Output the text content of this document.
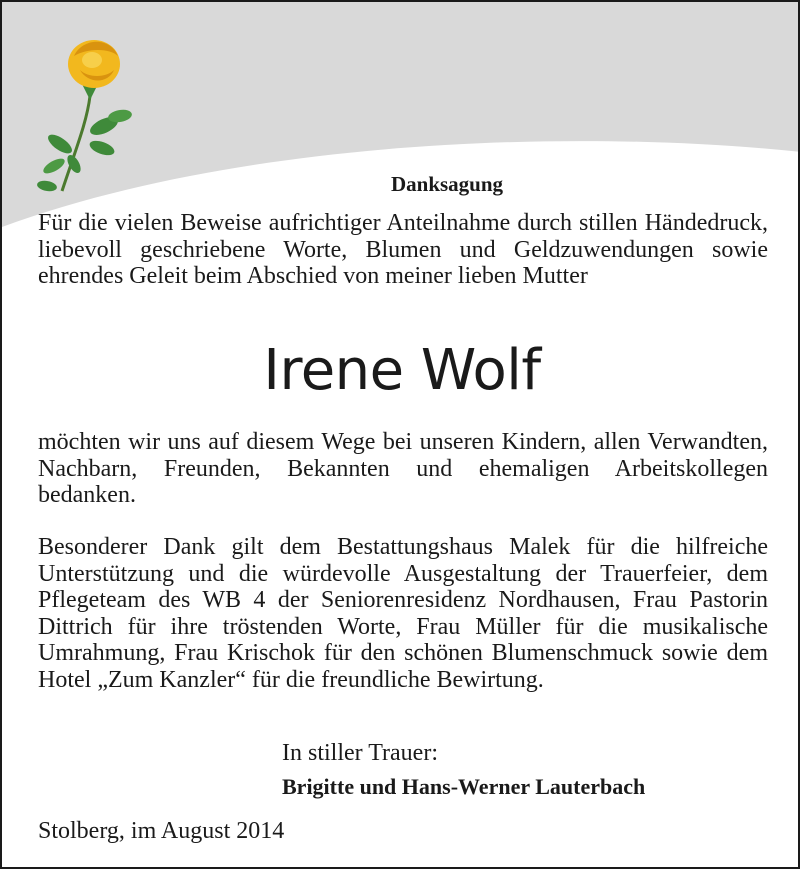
Danksagung

Für die vielen Beweise aufrichtiger Anteilnahme durch stillen Händedruck, liebevoll geschriebene Worte, Blumen und Geldzuwendungen sowie ehrendes Geleit beim Abschied von meiner lieben Mutter

Irene Wolf

möchten wir uns auf diesem Wege bei unseren Kindern, allen Verwandten, Nachbarn, Freunden, Bekannten und ehemaligen Arbeitskollegen bedanken.

Besonderer Dank gilt dem Bestattungshaus Malek für die hilfreiche Unterstützung und die würdevolle Ausgestaltung der Trauerfeier, dem Pflegeteam des WB 4 der Seniorenresidenz Nordhausen, Frau Pastorin Dittrich für ihre tröstenden Worte, Frau Müller für die musikalische Umrahmung, Frau Krischok für den schönen Blumenschmuck sowie dem Hotel „Zum Kanzler“ für die freundliche Bewirtung.

In stiller Trauer:

Brigitte und Hans-Werner Lauterbach

Stolberg, im August 2014
